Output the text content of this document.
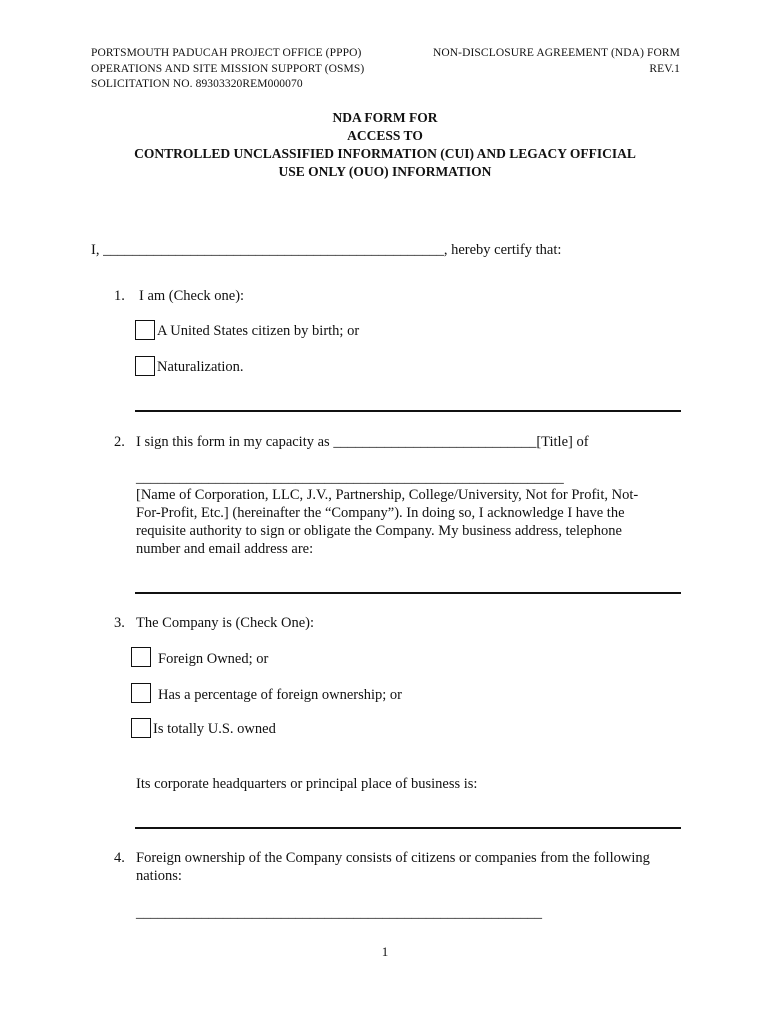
PORTSMOUTH PADUCAH PROJECT OFFICE (PPPO)
OPERATIONS AND SITE MISSION SUPPORT (OSMS)
SOLICITATION NO. 89303320REM000070
NON-DISCLOSURE AGREEMENT (NDA) FORM
REV.1
NDA FORM FOR
ACCESS TO
CONTROLLED UNCLASSIFIED INFORMATION (CUI) AND LEGACY OFFICIAL
USE ONLY (OUO) INFORMATION
I, _______________________________________________, hereby certify that:
1. I am (Check one):
A United States citizen by birth; or
Naturalization.
2. I sign this form in my capacity as ____________________________[Title] of
___________________________________________________________
[Name of Corporation, LLC, J.V., Partnership, College/University, Not for Profit, Not-
For-Profit, Etc.] (hereinafter the “Company”). In doing so, I acknowledge I have the
requisite authority to sign or obligate the Company. My business address, telephone
number and email address are:
3. The Company is (Check One):
Foreign Owned; or
Has a percentage of foreign ownership; or
Is totally U.S. owned
Its corporate headquarters or principal place of business is:
4. Foreign ownership of the Company consists of citizens or companies from the following
nations:
________________________________________________________
1
